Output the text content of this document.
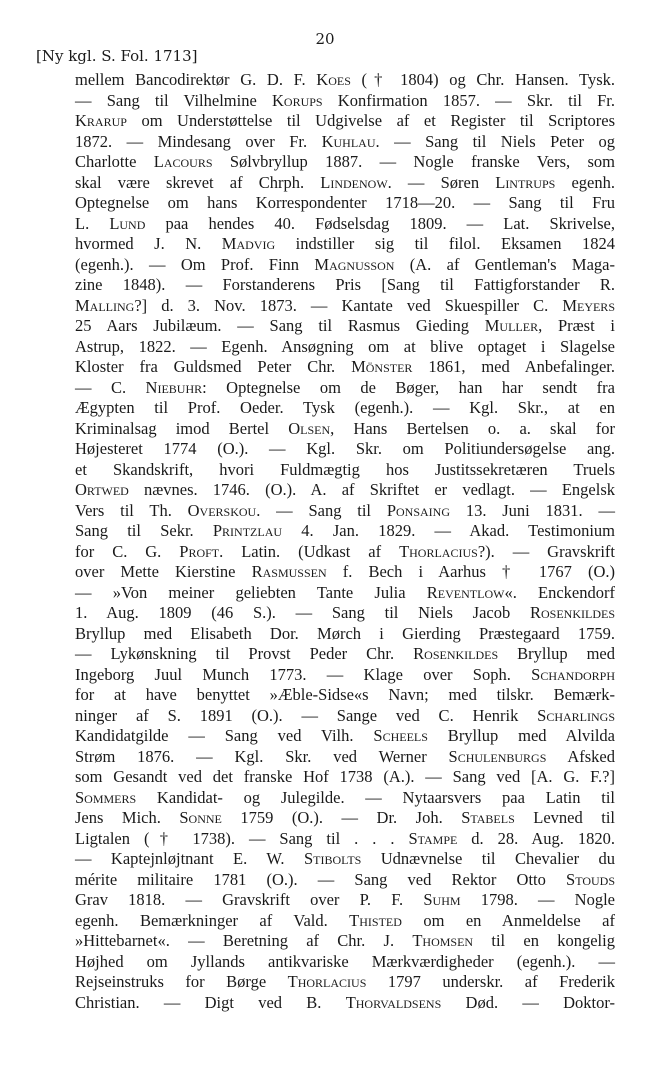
20
[Ny kgl. S. Fol. 1713]
mellem Bancodirektør G. D. F. Koes († 1804) og Chr. Hansen. Tysk.
— Sang til Vilhelmine Korups Konfirmation 1857. — Skr. til Fr.
Krarup om Understøttelse til Udgivelse af et Register til Scriptores
1872. — Mindesang over Fr. Kuhlau. — Sang til Niels Peter og
Charlotte Lacours Sølvbryllup 1887. — Nogle franske Vers, som
skal være skrevet af Chrph. Lindenow. — Søren Lintrups egenh.
Optegnelse om hans Korrespondenter 1718—20. — Sang til Fru
L. Lund paa hendes 40. Fødselsdag 1809. — Lat. Skrivelse,
hvormed J. N. Madvig indstiller sig til filol. Eksamen 1824
(egenh.). — Om Prof. Finn Magnusson (A. af Gentleman's Maga-
zine 1848). — Forstanderens Pris [Sang til Fattigforstander R.
Malling?] d. 3. Nov. 1873. — Kantate ved Skuespiller C. Meyers
25 Aars Jubilæum. — Sang til Rasmus Gieding Muller, Præst i
Astrup, 1822. — Egenh. Ansøgning om at blive optaget i Slagelse
Kloster fra Guldsmed Peter Chr. Mönster 1861, med Anbefalinger.
— C. Niebuhr: Optegnelse om de Bøger, han har sendt fra
Ægypten til Prof. Oeder. Tysk (egenh.). — Kgl. Skr., at en
Kriminalsag imod Bertel Olsen, Hans Bertelsen o. a. skal for
Højesteret 1774 (O.). — Kgl. Skr. om Politiundersøgelse ang.
et Skandskrift, hvori Fuldmægtig hos Justitssekretæren Truels
Ortwed nævnes. 1746. (O.). A. af Skriftet er vedlagt. — Engelsk
Vers til Th. Overskou. — Sang til Ponsaing 13. Juni 1831. —
Sang til Sekr. Printzlau 4. Jan. 1829. — Akad. Testimonium
for C. G. Proft. Latin. (Udkast af Thorlacius?). — Gravskrift
over Mette Kierstine Rasmussen f. Bech i Aarhus † 1767 (O.)
— »Von meiner geliebten Tante Julia Reventlow«. Enckendorf
1. Aug. 1809 (46 S.). — Sang til Niels Jacob Rosenkildes
Bryllup med Elisabeth Dor. Mørch i Gierding Præstegaard 1759.
— Lykønskning til Provst Peder Chr. Rosenkildes Bryllup med
Ingeborg Juul Munch 1773. — Klage over Soph. Schandorph
for at have benyttet »Æble-Sidse«s Navn; med tilskr. Bemærk-
ninger af S. 1891 (O.). — Sange ved C. Henrik Scharlings
Kandidatgilde — Sang ved Vilh. Scheels Bryllup med Alvilda
Strøm 1876. — Kgl. Skr. ved Werner Schulenburgs Afsked
som Gesandt ved det franske Hof 1738 (A.). — Sang ved [A. G. F.?]
Sommers Kandidat- og Julegilde. — Nytaarsvers paa Latin til
Jens Mich. Sonne 1759 (O.). — Dr. Joh. Stabels Levned til
Ligtalen († 1738). — Sang til . . . Stampe d. 28. Aug. 1820.
— Kaptejnløjtnant E. W. Stibolts Udnævnelse til Chevalier du
mérite militaire 1781 (O.). — Sang ved Rektor Otto Stouds
Grav 1818. — Gravskrift over P. F. Suhm 1798. — Nogle
egenh. Bemærkninger af Vald. Thisted om en Anmeldelse af
»Hittebarnet«. — Beretning af Chr. J. Thomsen til en kongelig
Højhed om Jyllands antikvariske Mærkværdigheder (egenh.). —
Rejseinstruks for Børge Thorlacius 1797 underskr. af Frederik
Christian. — Digt ved B. Thorvaldsens Død. — Doktor-
